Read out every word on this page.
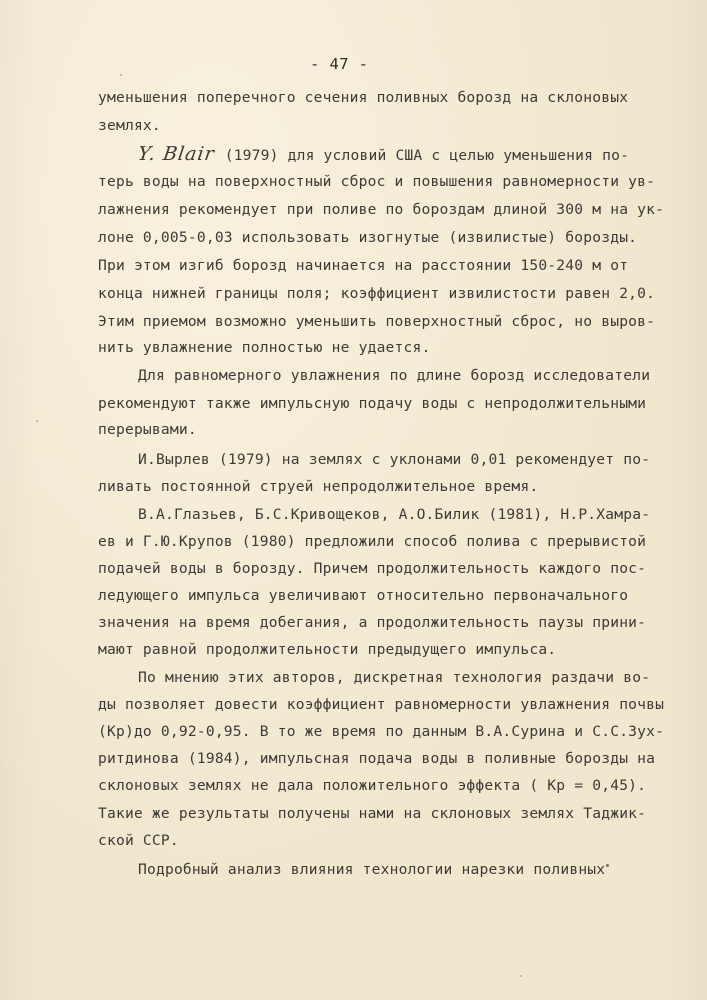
- 47 -
уменьшения поперечного сечения поливных борозд на склоновых
землях.
Y. Blair (1979) для условий США с целью уменьшения по-
терь воды на поверхностный сброс и повышения равномерности ув-
лажнения рекомендует при поливе по бороздам длиной 300 м на ук-
лоне 0,005-0,03 использовать изогнутые (извилистые) борозды.
При этом изгиб борозд начинается на расстоянии 150-240 м от
конца нижней границы поля; коэффициент извилистости равен 2,0.
Этим приемом возможно уменьшить поверхностный сброс, но выров-
нить увлажнение полностью не удается.
Для равномерного увлажнения по длине борозд исследователи
рекомендуют также импульсную подачу воды с непродолжительными
перерывами.
И.Вырлев (1979) на землях с уклонами 0,01 рекомендует по-
ливать постоянной струей непродолжительное время.
В.А.Глазьев, Б.С.Кривощеков, А.О.Билик (1981), Н.Р.Хамра-
ев и Г.Ю.Крупов (1980) предложили способ полива с прерывистой
подачей воды в борозду. Причем продолжительность каждого пос-
ледующего импульса увеличивают относительно первоначального
значения на время добегания, а продолжительность паузы прини-
мают равной продолжительности предыдущего импульса.
По мнению этих авторов, дискретная технология раздачи во-
ды позволяет довести коэффициент равномерности увлажнения почвы
(Кр)до 0,92-0,95. В то же время по данным В.А.Сурина и С.С.Зух-
ритдинова (1984), импульсная подача воды в поливные борозды на
склоновых землях не дала положительного эффекта ( Кр = 0,45).
Такие же результаты получены нами на склоновых землях Таджик-
ской ССР.
Подробный анализ влияния технологии нарезки поливных
